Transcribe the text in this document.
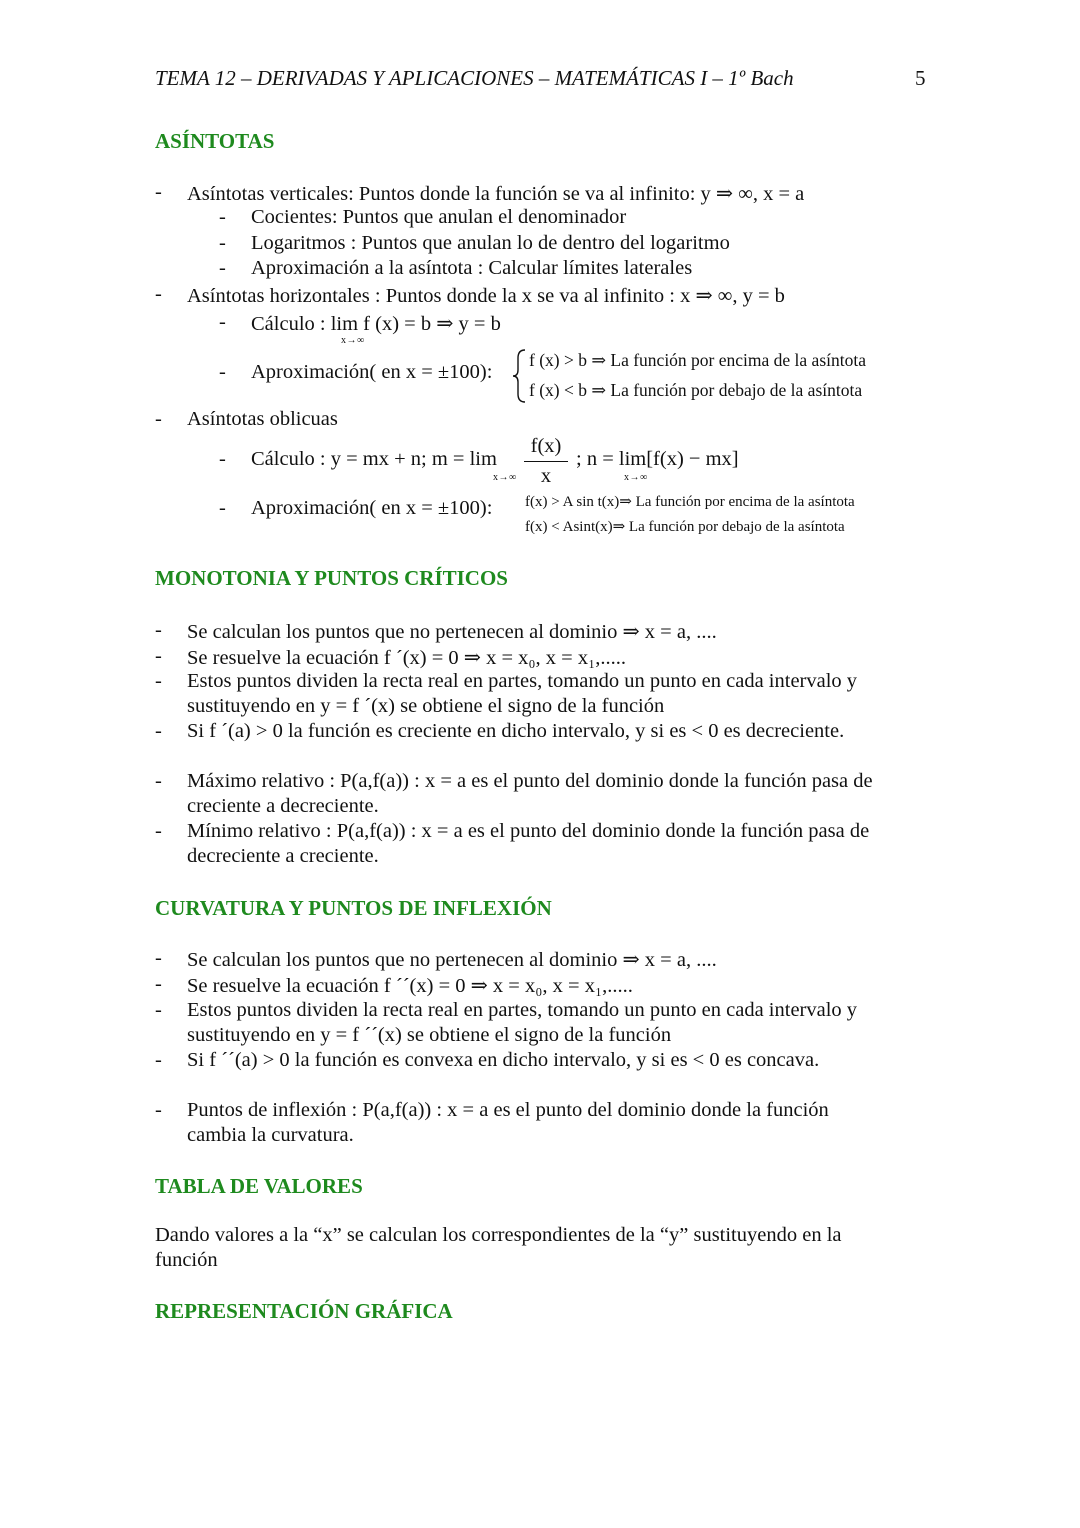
TEMA 12 – DERIVADAS Y APLICACIONES – MATEMÁTICAS I – 1º Bach	5
ASÍNTOTAS
- Asíntotas verticales: Puntos donde la función se va al infinito: y ⇒ ∞, x = a
- Cocientes: Puntos que anulan el denominador
- Logaritmos : Puntos que anulan lo de dentro del logaritmo
- Aproximación a la asíntota : Calcular límites laterales
- Asíntotas horizontales : Puntos donde la x se va al infinito : x ⇒ ∞, y = b
- Cálculo : lim f (x) = b ⇒ y = b
x→∞
- Aproximación( en x = ±100):
f (x) > b ⇒ La función por encima de la asíntota
f (x) < b ⇒ La función por debajo de la asíntota
- Asíntotas oblicuas
- Cálculo : y = mx + n; m = lim
x→∞
f(x)
x
; n = lim[f(x) − mx]
x→∞
- Aproximación( en x = ±100): f(x) > A sin t(x)⇒ La función por encima de la asíntota
f(x) < Asint(x)⇒ La función por debajo de la asíntota
MONOTONIA Y PUNTOS CRÍTICOS
- Se calculan los puntos que no pertenecen al dominio ⇒ x = a, ....
- Se resuelve la ecuación f ´(x) = 0 ⇒ x = x₀, x = x₁,.....
- Estos puntos dividen la recta real en partes, tomando un punto en cada intervalo y
sustituyendo en y = f ´(x) se obtiene el signo de la función
- Si f ´(a) > 0 la función es creciente en dicho intervalo, y si es < 0 es decreciente.
- Máximo relativo : P(a,f(a)) : x = a es el punto del dominio donde la función pasa de
creciente a decreciente.
- Mínimo relativo : P(a,f(a)) : x = a es el punto del dominio donde la función pasa de
decreciente a creciente.
CURVATURA Y PUNTOS DE INFLEXIÓN
- Se calculan los puntos que no pertenecen al dominio ⇒ x = a, ....
- Se resuelve la ecuación f ´´(x) = 0 ⇒ x = x₀, x = x₁,.....
- Estos puntos dividen la recta real en partes, tomando un punto en cada intervalo y
sustituyendo en y = f ´´(x) se obtiene el signo de la función
- Si f ´´(a) > 0 la función es convexa en dicho intervalo, y si es < 0 es concava.
- Puntos de inflexión : P(a,f(a)) : x = a es el punto del dominio donde la función
cambia la curvatura.
TABLA DE VALORES
Dando valores a la “x” se calculan los correspondientes de la “y” sustituyendo en la
función
REPRESENTACIÓN GRÁFICA
